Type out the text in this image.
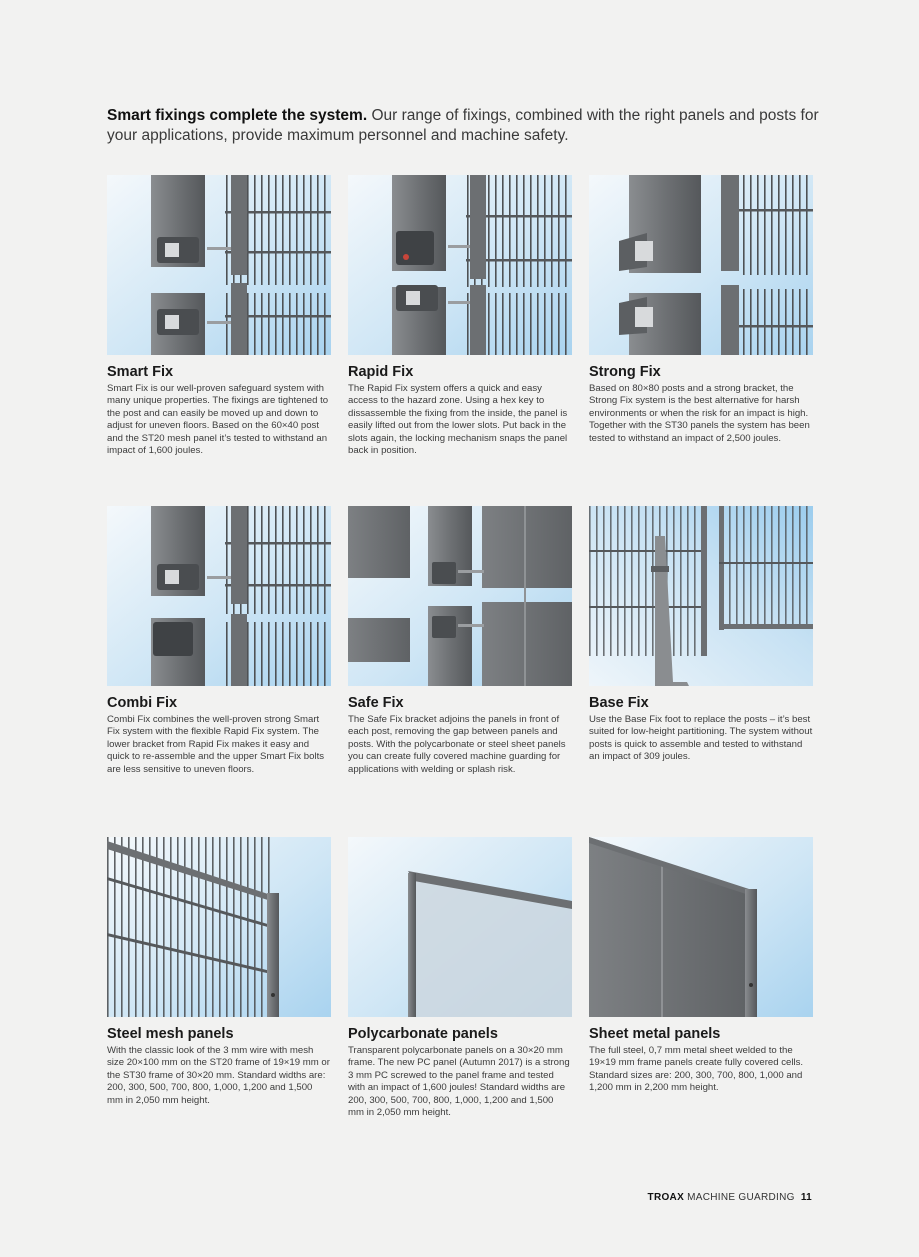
Smart fixings complete the system. Our range of fixings, combined with the right panels and posts for your applications, provide maximum personnel and machine safety.

Smart Fix

Smart Fix is our well-proven safeguard system with many unique properties. The fixings are tightened to the post and can easily be moved up and down to adjust for uneven floors. Based on the 60×40 post and the ST20 mesh panel it’s tested to withstand an impact of 1,600 joules.

Rapid Fix

The Rapid Fix system offers a quick and easy access to the hazard zone. Using a hex key to dissassemble the fixing from the inside, the panel is easily lifted out from the lower slots. Put back in the slots again, the locking mechanism snaps the panel back in position.

Strong Fix

Based on 80×80 posts and a strong bracket, the Strong Fix system is the best alternative for harsh environments or when the risk for an impact is high. Together with the ST30 panels the system has been tested to withstand an impact of 2,500 joules.

Combi Fix

Combi Fix combines the well-proven strong Smart Fix system with the flexible Rapid Fix system. The lower bracket from Rapid Fix makes it easy and quick to re-assemble and the upper Smart Fix bolts are less sensitive to uneven floors.

Safe Fix

The Safe Fix bracket adjoins the panels in front of each post, removing the gap between panels and posts. With the polycarbonate or steel sheet panels you can create fully covered machine guarding for applications with welding or splash risk.

Base Fix

Use the Base Fix foot to replace the posts – it’s best suited for low-height partitioning. The system without posts is quick to assemble and tested to withstand an impact of 309 joules.

Steel mesh panels

With the classic look of the 3 mm wire with mesh size 20×100 mm on the ST20 frame of 19×19 mm or the ST30 frame of 30×20 mm. Standard widths are: 200, 300, 500, 700, 800, 1,000, 1,200 and 1,500 mm in 2,050 mm height.

Polycarbonate panels

Transparent polycarbonate panels on a 30×20 mm frame. The new PC panel (Autumn 2017) is a strong 3 mm PC screwed to the panel frame and tested with an impact of 1,600 joules! Standard widths are 200, 300, 500, 700, 800, 1,000, 1,200 and 1,500 mm in 2,050 mm height.

Sheet metal panels

The full steel, 0,7 mm metal sheet welded to the 19×19 mm frame panels create fully covered cells. Standard sizes are: 200, 300, 700, 800, 1,000 and 1,200 mm in 2,200 mm height.

TROAX MACHINE GUARDING 11
